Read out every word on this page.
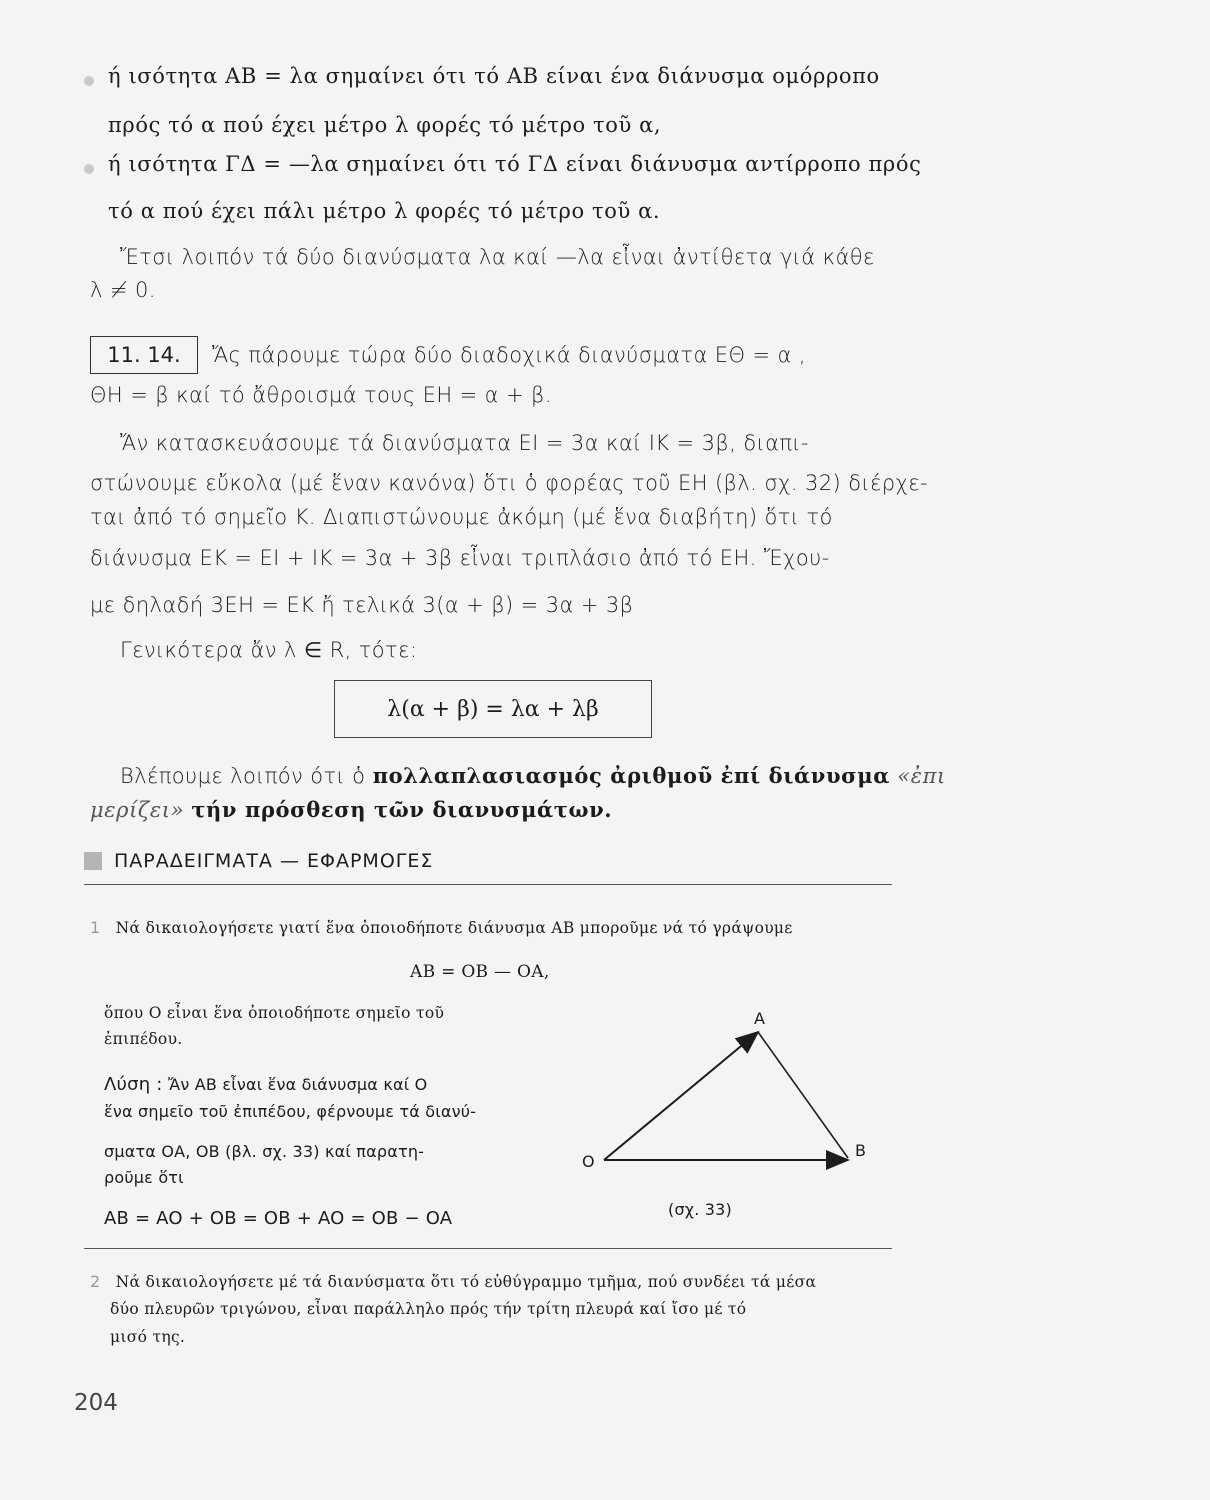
ή ισότητα AB = λα σημαίνει ότι τό AB είναι ένα διάνυσμα ομόρροπο
πρός τό α πού έχει μέτρο λ φορές τό μέτρο τοῦ α,
ή ισότητα ΓΔ = —λα σημαίνει ότι τό ΓΔ είναι διάνυσμα αντίρροπο πρός
τό α πού έχει πάλι μέτρο λ φορές τό μέτρο τοῦ α.
Ἔτσι λοιπόν τά δύο διανύσματα λα καί —λα εἶναι ἀντίθετα γιά κάθε
λ ≠ 0.
11. 14.	Ἄς πάρουμε τώρα δύο διαδοχικά διανύσματα ΕΘ = α ,
ΘΗ = β καί τό ἄθροισμά τους ΕΗ = α + β.
Ἄν κατασκευάσουμε τά διανύσματα ΕΙ = 3α καί ΙΚ = 3β, διαπι-
στώνουμε εὔκολα (μέ ἕναν κανόνα) ὅτι ὁ φορέας τοῦ ΕΗ (βλ. σχ. 32) διέρχε-
ται ἀπό τό σημεῖο Κ. Διαπιστώνουμε ἀκόμη (μέ ἕνα διαβήτη) ὅτι τό
διάνυσμα ΕΚ = ΕΙ + ΙΚ = 3α + 3β εἶναι τριπλάσιο ἀπό τό ΕΗ. Ἔχου-
με δηλαδή 3ΕΗ = ΕΚ ἤ τελικά 3(α + β) = 3α + 3β
Γενικότερα ἄν λ ∈ R, τότε:
λ(α + β) = λα + λβ
Βλέπουμε λοιπόν ότι ὁ πολλαπλασιασμός ἀριθμοῦ ἐπί διάνυσμα «ἐπι
μερίζει» τήν πρόσθεση τῶν διανυσμάτων.
ΠΑΡΑΔΕΙΓΜΑΤΑ — ΕΦΑΡΜΟΓΕΣ
1 Νά δικαιολογήσετε γιατί ἕνα ὁποιοδήποτε διάνυσμα AB μποροῦμε νά τό γράψουμε
AB = OB — OA,
ὅπου Ο εἶναι ἕνα ὁποιοδήποτε σημεῖο τοῦ
ἐπιπέδου.
Λύση : Ἄν AB εἶναι ἕνα διάνυσμα καί Ο
ἕνα σημεῖο τοῦ ἐπιπέδου, φέρνουμε τά διανύ-
σματα ΟΑ, ΟΒ (βλ. σχ. 33) καί παρατη-
ροῦμε ὅτι
AB = AO + OB = OB + AO = OB − OA
A
O
B
(σχ. 33)
2 Νά δικαιολογήσετε μέ τά διανύσματα ὅτι τό εὐθύγραμμο τμῆμα, πού συνδέει τά μέσα
δύο πλευρῶν τριγώνου, εἶναι παράλληλο πρός τήν τρίτη πλευρά καί ἴσο μέ τό
μισό της.
204
